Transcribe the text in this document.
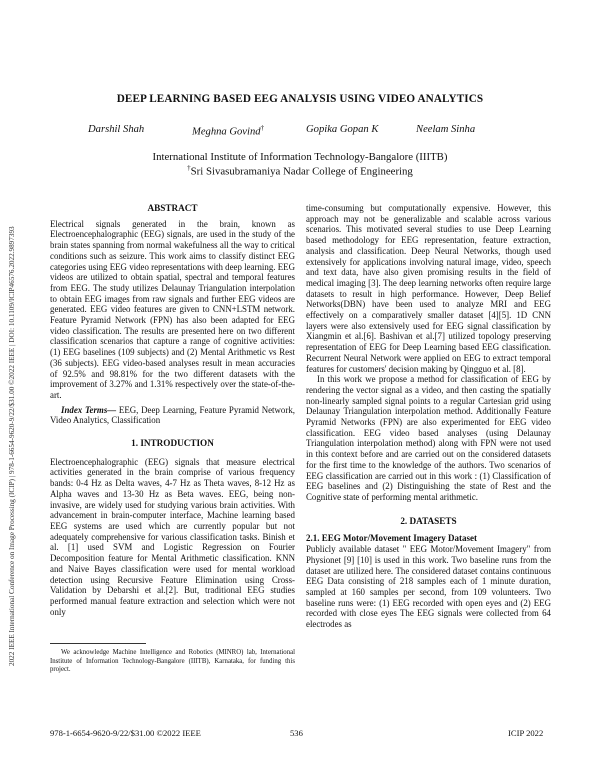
2022 IEEE International Conference on Image Processing (ICIP) | 978-1-6654-9620-9/22/$31.00 ©2022 IEEE | DOI: 10.1109/ICIP46576.2022.9897393
DEEP LEARNING BASED EEG ANALYSIS USING VIDEO ANALYTICS
Darshil Shah	Meghna Govind†	Gopika Gopan K	Neelam Sinha
International Institute of Information Technology-Bangalore (IIITB)
†Sri Sivasubramaniya Nadar College of Engineering
ABSTRACT

Electrical signals generated in the brain, known as Electroencephalographic (EEG) signals, are used in the study of the brain states spanning from normal wakefulness all the way to critical conditions such as seizure. This work aims to classify distinct EEG categories using EEG video representations with deep learning. EEG videos are utilized to obtain spatial, spectral and temporal features from EEG. The study utilizes Delaunay Triangulation interpolation to obtain EEG images from raw signals and further EEG videos are generated. EEG video features are given to CNN+LSTM network. Feature Pyramid Network (FPN) has also been adapted for EEG video classification. The results are presented here on two different classification scenarios that capture a range of cognitive activities: (1) EEG baselines (109 subjects) and (2) Mental Arithmetic vs Rest (36 subjects). EEG video-based analyses result in mean accuracies of 92.5% and 98.81% for the two different datasets with the improvement of 3.27% and 1.31% respectively over the state-of-the-art.

Index Terms— EEG, Deep Learning, Feature Pyramid Network, Video Analytics, Classification

1. INTRODUCTION

Electroencephalographic (EEG) signals that measure electrical activities generated in the brain comprise of various frequency bands: 0-4 Hz as Delta waves, 4-7 Hz as Theta waves, 8-12 Hz as Alpha waves and 13-30 Hz as Beta waves. EEG, being non-invasive, are widely used for studying various brain activities. With advancement in brain-computer interface, Machine learning based EEG systems are used which are currently popular but not adequately comprehensive for various classification tasks. Binish et al. [1] used SVM and Logistic Regression on Fourier Decomposition feature for Mental Arithmetic classification. KNN and Naive Bayes classification were used for mental workload detection using Recursive Feature Elimination using Cross-Validation by Debarshi et al.[2]. But, traditional EEG studies performed manual feature extraction and selection which were not only

We acknowledge Machine Intelligence and Robotics (MINRO) lab, International Institute of Information Technology-Bangalore (IIITB), Karnataka, for funding this project.

time-consuming but computationally expensive. However, this approach may not be generalizable and scalable across various scenarios. This motivated several studies to use Deep Learning based methodology for EEG representation, feature extraction, analysis and classification. Deep Neural Networks, though used extensively for applications involving natural image, video, speech and text data, have also given promising results in the field of medical imaging [3]. The deep learning networks often require large datasets to result in high performance. However, Deep Belief Networks(DBN) have been used to analyze MRI and EEG effectively on a comparatively smaller dataset [4][5]. 1D CNN layers were also extensively used for EEG signal classification by Xiangmin et al.[6]. Bashivan et al.[7] utilized topology preserving representation of EEG for Deep Learning based EEG classification. Recurrent Neural Network were applied on EEG to extract temporal features for customers' decision making by Qingguo et al. [8].

In this work we propose a method for classification of EEG by rendering the vector signal as a video, and then casting the spatially non-linearly sampled signal points to a regular Cartesian grid using Delaunay Triangulation interpolation method. Additionally Feature Pyramid Networks (FPN) are also experimented for EEG video classification. EEG video based analyses (using Delaunay Triangulation interpolation method) along with FPN were not used in this context before and are carried out on the considered datasets for the first time to the knowledge of the authors. Two scenarios of EEG classification are carried out in this work : (1) Classification of EEG baselines and (2) Distinguishing the state of Rest and the Cognitive state of performing mental arithmetic.

2. DATASETS
2.1. EEG Motor/Movement Imagery Dataset

Publicly available dataset " EEG Motor/Movement Imagery" from Physionet [9] [10] is used in this work. Two baseline runs from the dataset are utilized here. The considered dataset contains continuous EEG Data consisting of 218 samples each of 1 minute duration, sampled at 160 samples per second, from 109 volunteers. Two baseline runs were: (1) EEG recorded with open eyes and (2) EEG recorded with close eyes The EEG signals were collected from 64 electrodes as

978-1-6654-9620-9/22/$31.00 ©2022 IEEE	536	ICIP 2022
